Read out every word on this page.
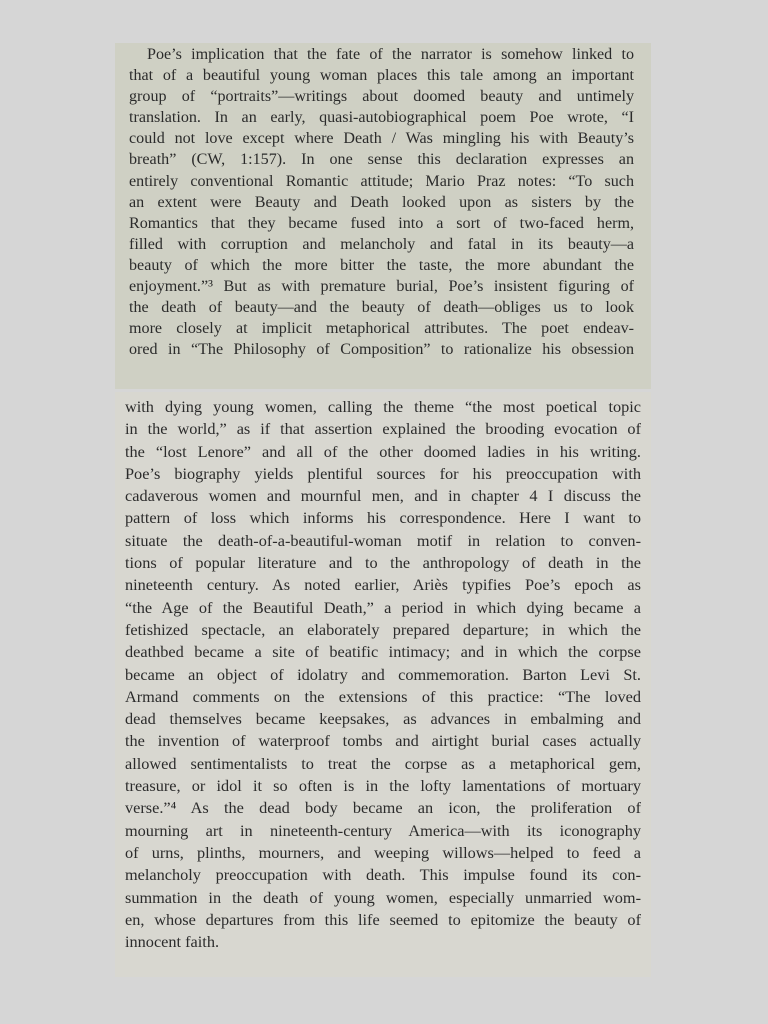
Poe’s implication that the fate of the narrator is somehow linked to
that of a beautiful young woman places this tale among an important
group of “portraits”—writings about doomed beauty and untimely
translation. In an early, quasi-autobiographical poem Poe wrote, “I
could not love except where Death / Was mingling his with Beauty’s
breath” (CW, 1:157). In one sense this declaration expresses an
entirely conventional Romantic attitude; Mario Praz notes: “To such
an extent were Beauty and Death looked upon as sisters by the
Romantics that they became fused into a sort of two-faced herm,
filled with corruption and melancholy and fatal in its beauty—a
beauty of which the more bitter the taste, the more abundant the
enjoyment.”³ But as with premature burial, Poe’s insistent figuring of
the death of beauty—and the beauty of death—obliges us to look
more closely at implicit metaphorical attributes. The poet endeav-
ored in “The Philosophy of Composition” to rationalize his obsession
with dying young women, calling the theme “the most poetical topic
in the world,” as if that assertion explained the brooding evocation of
the “lost Lenore” and all of the other doomed ladies in his writing.
Poe’s biography yields plentiful sources for his preoccupation with
cadaverous women and mournful men, and in chapter 4 I discuss the
pattern of loss which informs his correspondence. Here I want to
situate the death-of-a-beautiful-woman motif in relation to conven-
tions of popular literature and to the anthropology of death in the
nineteenth century. As noted earlier, Ariès typifies Poe’s epoch as
“the Age of the Beautiful Death,” a period in which dying became a
fetishized spectacle, an elaborately prepared departure; in which the
deathbed became a site of beatific intimacy; and in which the corpse
became an object of idolatry and commemoration. Barton Levi St.
Armand comments on the extensions of this practice: “The loved
dead themselves became keepsakes, as advances in embalming and
the invention of waterproof tombs and airtight burial cases actually
allowed sentimentalists to treat the corpse as a metaphorical gem,
treasure, or idol it so often is in the lofty lamentations of mortuary
verse.”⁴ As the dead body became an icon, the proliferation of
mourning art in nineteenth-century America—with its iconography
of urns, plinths, mourners, and weeping willows—helped to feed a
melancholy preoccupation with death. This impulse found its con-
summation in the death of young women, especially unmarried wom-
en, whose departures from this life seemed to epitomize the beauty of
innocent faith.
